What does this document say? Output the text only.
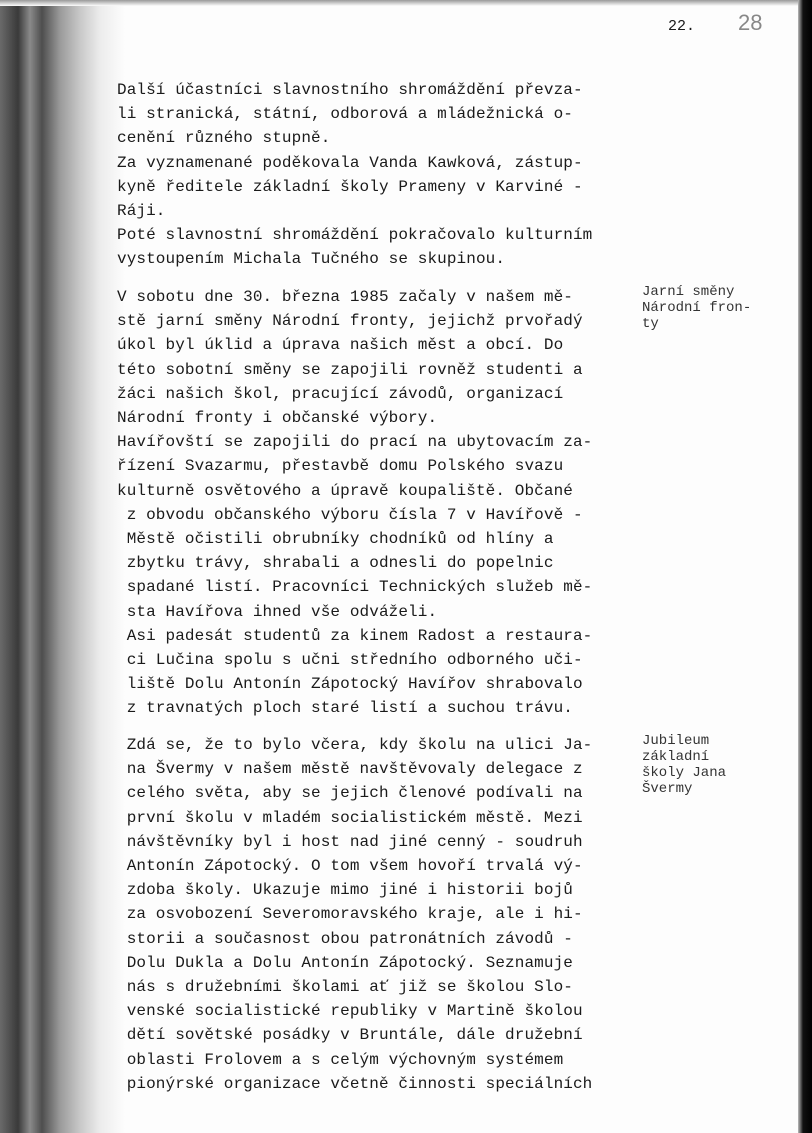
22. 28
Další účastníci slavnostního shromáždění převza-
li stranická, státní, odborová a mládežnická o-
cenění různého stupně.
Za vyznamenané poděkovala Vanda Kawková, zástup-
kyně ředitele základní školy Prameny v Karviné -
Ráji.
Poté slavnostní shromáždění pokračovalo kulturním
vystoupením Michala Tučného se skupinou.
V sobotu dne 30. března 1985 začaly v našem mě-
stě jarní směny Národní fronty, jejichž prvořadý
úkol byl úklid a úprava našich měst a obcí. Do
této sobotní směny se zapojili rovněž studenti a
žáci našich škol, pracující závodů, organizací
Národní fronty i občanské výbory.
Havířovští se zapojili do prací na ubytovacím za-
řízení Svazarmu, přestavbě domu Polského svazu
kulturně osvětového a úpravě koupaliště. Občané
z obvodu občanského výboru čísla 7 v Havířově -
Městě očistili obrubníky chodníků od hlíny a
zbytku trávy, shrabali a odnesli do popelnic
spadané listí. Pracovníci Technických služeb mě-
sta Havířova ihned vše odváželi.
Asi padesát studentů za kinem Radost a restaura-
ci Lučina spolu s učni středního odborného uči-
liště Dolu Antonín Zápotocký Havířov shrabovalo
z travnatých ploch staré listí a suchou trávu.
Zdá se, že to bylo včera, kdy školu na ulici Ja-
na Švermy v našem městě navštěvovaly delegace z
celého světa, aby se jejich členové podívali na
první školu v mladém socialistickém městě. Mezi
návštěvníky byl i host nad jiné cenný - soudruh
Antonín Zápotocký. O tom všem hovoří trvalá vý-
zdoba školy. Ukazuje mimo jiné i historii bojů
za osvobození Severomoravského kraje, ale i hi-
storii a současnost obou patronátních závodů -
Dolu Dukla a Dolu Antonín Zápotocký. Seznamuje
nás s družebními školami ať již se školou Slo-
venské socialistické republiky v Martině školou
dětí sovětské posádky v Bruntále, dále družební
oblasti Frolovem a s celým výchovným systémem
pionýrské organizace včetně činnosti speciálních
Jarní směny
Národní fron-
ty
Jubileum
základní
školy Jana
Švermy
